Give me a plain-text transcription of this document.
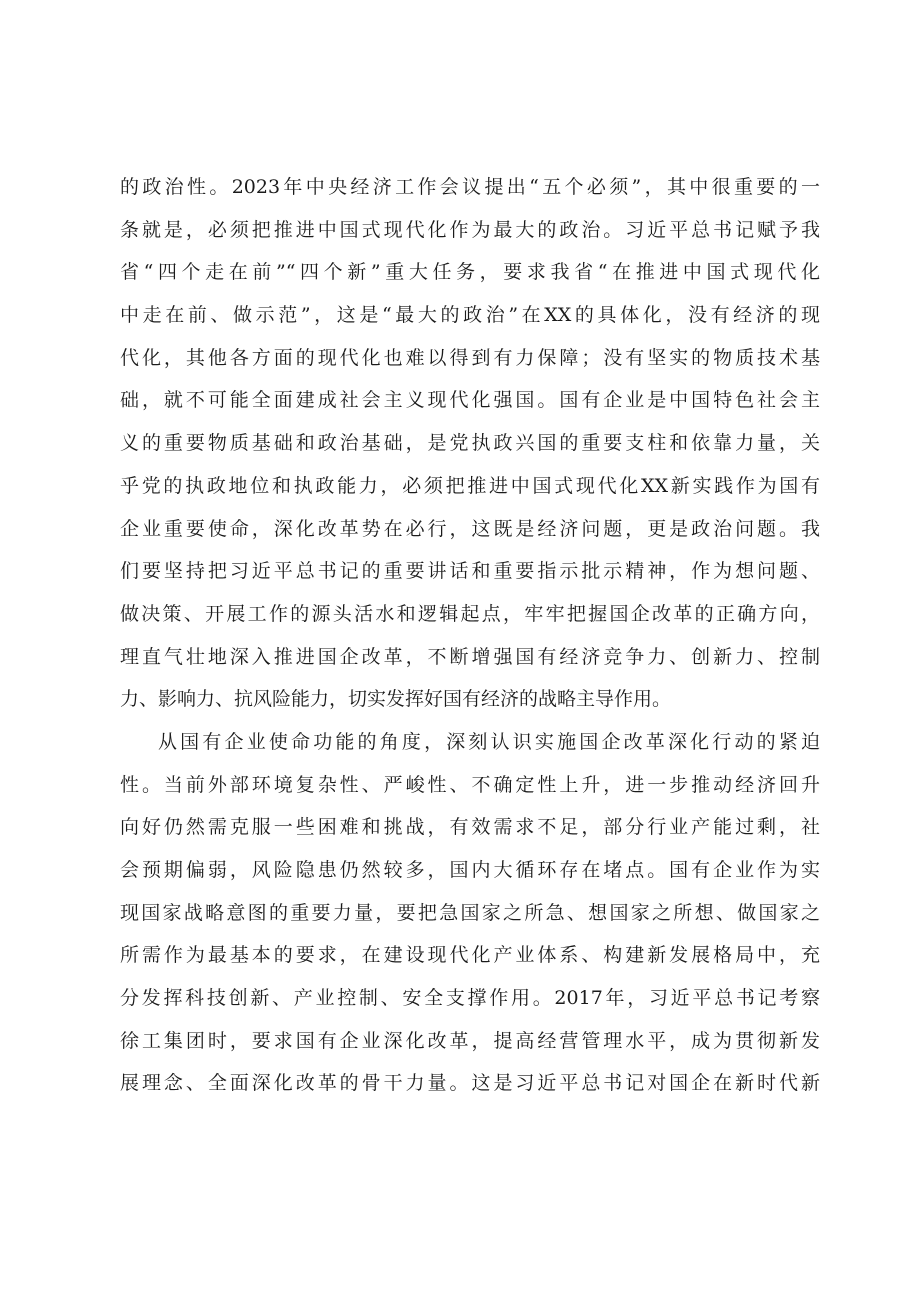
的政治性。2023年中央经济工作会议提出“五个必须”，其中很重要的一
条就是，必须把推进中国式现代化作为最大的政治。习近平总书记赋予我
省“四个走在前”“四个新”重大任务，要求我省“在推进中国式现代化
中走在前、做示范”，这是“最大的政治”在XX的具体化，没有经济的现
代化，其他各方面的现代化也难以得到有力保障；没有坚实的物质技术基
础，就不可能全面建成社会主义现代化强国。国有企业是中国特色社会主
义的重要物质基础和政治基础，是党执政兴国的重要支柱和依靠力量，关
乎党的执政地位和执政能力，必须把推进中国式现代化XX新实践作为国有
企业重要使命，深化改革势在必行，这既是经济问题，更是政治问题。我
们要坚持把习近平总书记的重要讲话和重要指示批示精神，作为想问题、
做决策、开展工作的源头活水和逻辑起点，牢牢把握国企改革的正确方向，
理直气壮地深入推进国企改革，不断增强国有经济竞争力、创新力、控制
力、影响力、抗风险能力，切实发挥好国有经济的战略主导作用。
从国有企业使命功能的角度，深刻认识实施国企改革深化行动的紧迫
性。当前外部环境复杂性、严峻性、不确定性上升，进一步推动经济回升
向好仍然需克服一些困难和挑战，有效需求不足，部分行业产能过剩，社
会预期偏弱，风险隐患仍然较多，国内大循环存在堵点。国有企业作为实
现国家战略意图的重要力量，要把急国家之所急、想国家之所想、做国家之
所需作为最基本的要求，在建设现代化产业体系、构建新发展格局中，充
分发挥科技创新、产业控制、安全支撑作用。2017年，习近平总书记考察
徐工集团时，要求国有企业深化改革，提高经营管理水平，成为贯彻新发
展理念、全面深化改革的骨干力量。这是习近平总书记对国企在新时代新
